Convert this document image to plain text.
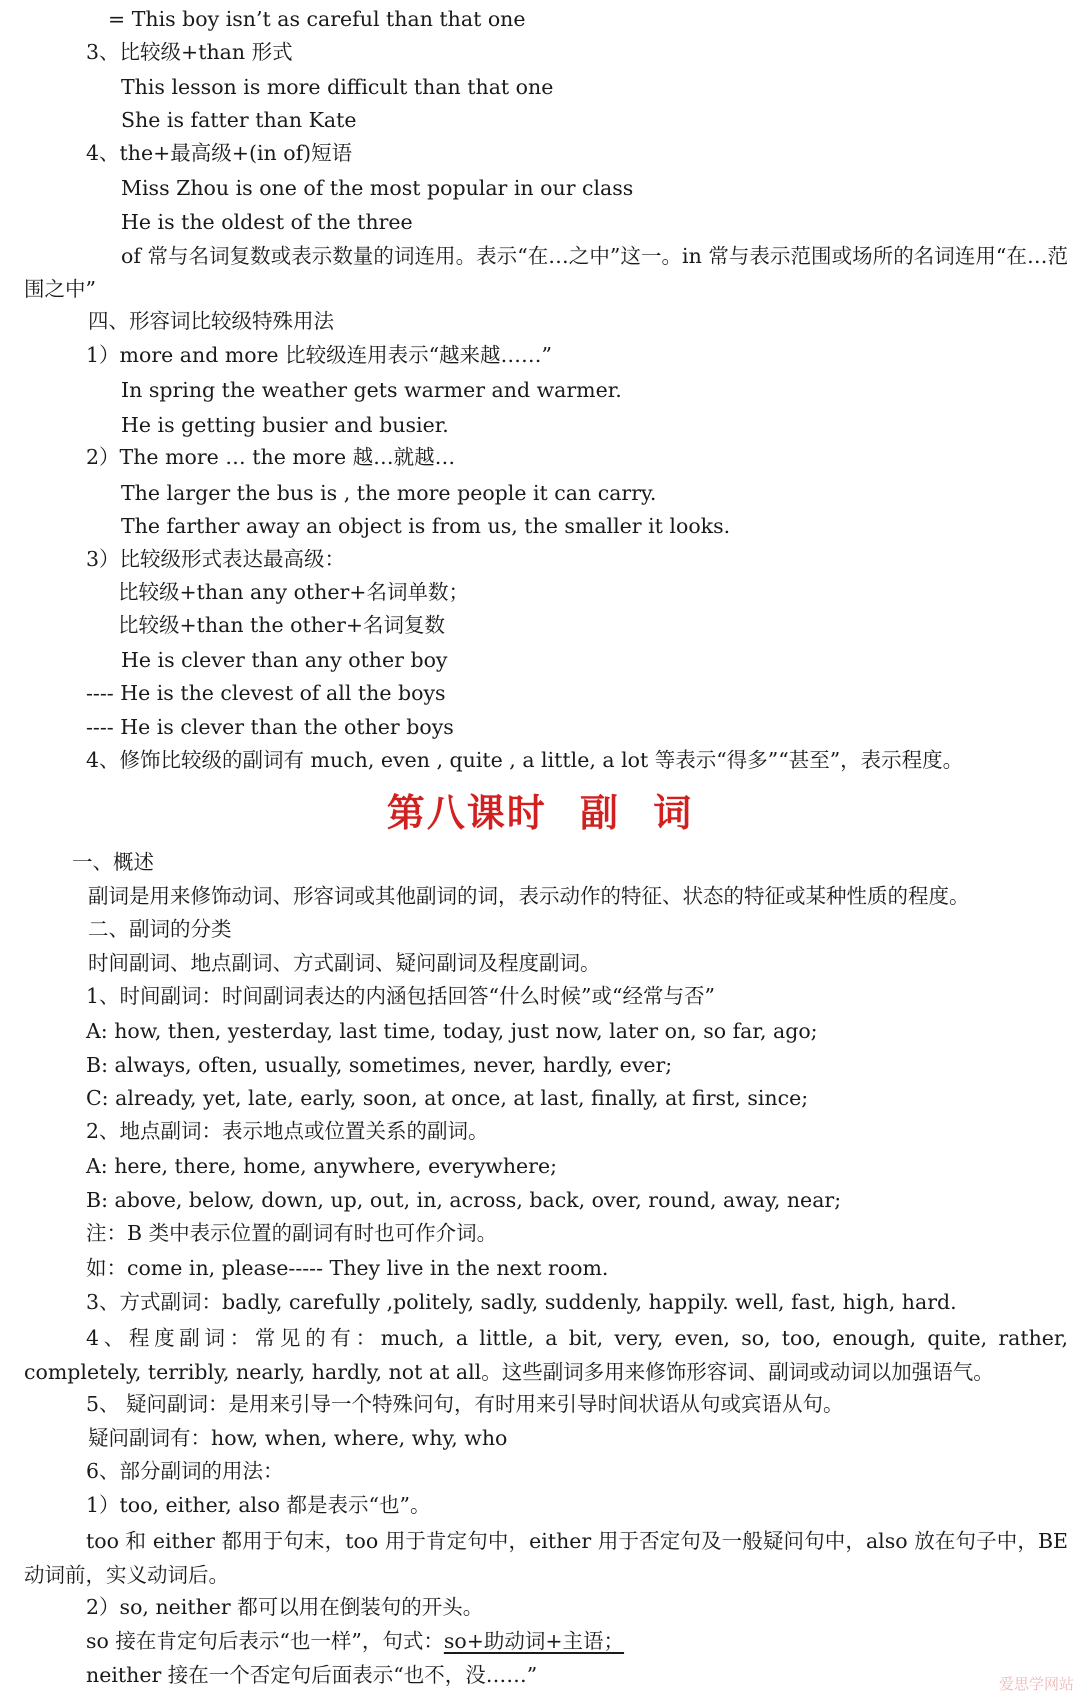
= This boy isn’t as careful than that one
3、比较级+than 形式
This lesson is more difficult than that one
She is fatter than Kate
4、the+最高级+(in of)短语
Miss Zhou is one of the most popular in our class
He is the oldest of the three
of 常与名词复数或表示数量的词连用。表示“在…之中”这一。in 常与表示范围或场所的名词连用“在…范围之中”
四、形容词比较级特殊用法
1）more and more 比较级连用表示“越来越……”
In spring the weather gets warmer and warmer.
He is getting busier and busier.
2）The more … the more 越…就越…
The larger the bus is , the more people it can carry.
The farther away an object is from us, the smaller it looks.
3）比较级形式表达最高级：
比较级+than any other+名词单数；
比较级+than the other+名词复数
He is clever than any other boy
---- He is the clevest of all the boys
---- He is clever than the other boys
4、修饰比较级的副词有 much, even , quite , a little, a lot 等表示“得多”“甚至”，表示程度。
第八课时 副 词
一、概述
副词是用来修饰动词、形容词或其他副词的词，表示动作的特征、状态的特征或某种性质的程度。
二、副词的分类
时间副词、地点副词、方式副词、疑问副词及程度副词。
1、时间副词：时间副词表达的内涵包括回答“什么时候”或“经常与否”
A: how, then, yesterday, last time, today, just now, later on, so far, ago;
B: always, often, usually, sometimes, never, hardly, ever;
C: already, yet, late, early, soon, at once, at last, finally, at first, since;
2、地点副词：表示地点或位置关系的副词。
A: here, there, home, anywhere, everywhere;
B: above, below, down, up, out, in, across, back, over, round, away, near;
注：B 类中表示位置的副词有时也可作介词。
如：come in, please----- They live in the next room.
3、方式副词：badly, carefully ,politely, sadly, suddenly, happily. well, fast, high, hard.
4、程度副词：常见的有：much, a little, a bit, very, even, so, too, enough, quite, rather, completely, terribly, nearly, hardly, not at all。这些副词多用来修饰形容词、副词或动词以加强语气。
5、 疑问副词：是用来引导一个特殊问句，有时用来引导时间状语从句或宾语从句。
疑问副词有：how, when, where, why, who
6、部分副词的用法：
1）too, either, also 都是表示“也”。
too 和 either 都用于句末，too 用于肯定句中，either 用于否定句及一般疑问句中，also 放在句子中，BE 动词前，实义动词后。
2）so, neither 都可以用在倒装句的开头。
so 接在肯定句后表示“也一样”，句式：so+助动词+主语；
neither 接在一个否定句后面表示“也不，没……”	爱思学网站
